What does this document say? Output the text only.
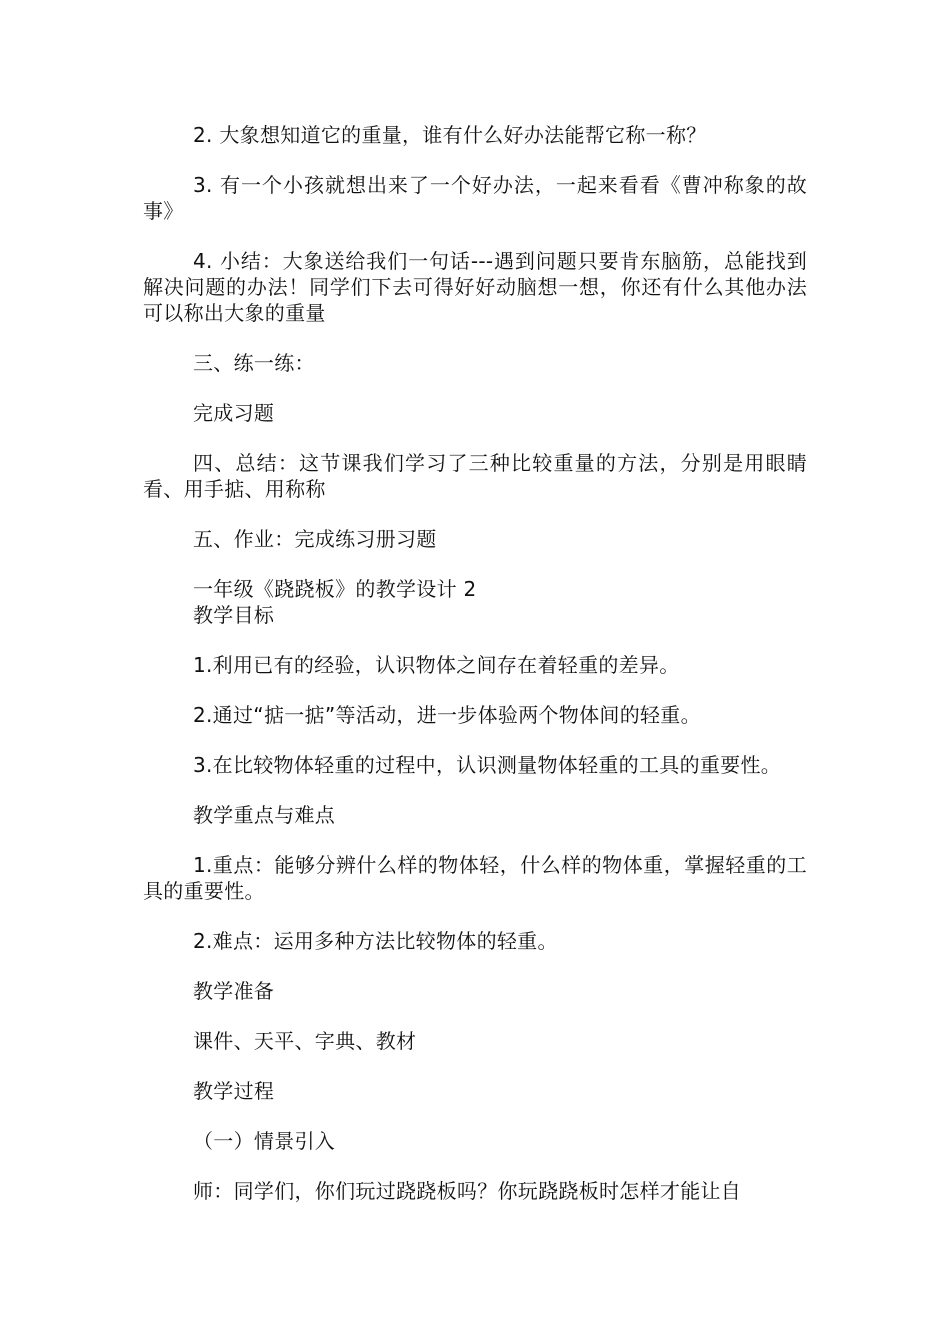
2. 大象想知道它的重量，谁有什么好办法能帮它称一称？

3. 有一个小孩就想出来了一个好办法，一起来看看《曹冲称象的故事》

4. 小结：大象送给我们一句话---遇到问题只要肯东脑筋，总能找到解决问题的办法！同学们下去可得好好动脑想一想，你还有什么其他办法可以称出大象的重量

三、练一练：

完成习题

四、总结：这节课我们学习了三种比较重量的方法，分别是用眼睛看、用手掂、用称称

五、作业：完成练习册习题

一年级《跷跷板》的教学设计 2

教学目标

1.利用已有的经验，认识物体之间存在着轻重的差异。

2.通过“掂一掂”等活动，进一步体验两个物体间的轻重。

3.在比较物体轻重的过程中，认识测量物体轻重的工具的重要性。

教学重点与难点

1.重点：能够分辨什么样的物体轻，什么样的物体重，掌握轻重的工具的重要性。

2.难点：运用多种方法比较物体的轻重。

教学准备

课件、天平、字典、教材

教学过程

（一）情景引入

师：同学们，你们玩过跷跷板吗？你玩跷跷板时怎样才能让自
